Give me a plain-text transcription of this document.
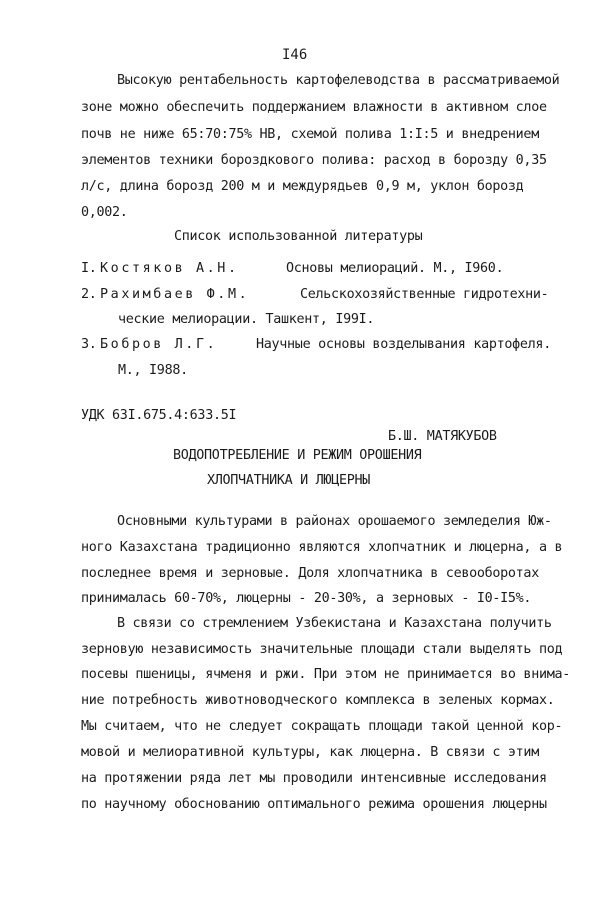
I46
Высокую рентабельность картофелеводства в рассматриваемой
зоне можно обеспечить поддержанием влажности в активном слое
почв не ниже 65:70:75% НВ, схемой полива 1:I:5 и внедрением
элементов техники бороздкового полива: расход в борозду 0,35
л/с, длина борозд 200 м и междурядьев 0,9 м, уклон борозд
0,002.
Список использованной литературы
I. Костяков А.Н.	Основы мелиораций. М., I960.
2. Рахимбаев Ф.М.	Сельскохозяйственные гидротехни-
ческие мелиорации. Ташкент, I99I.
3. Бобров Л.Г.	Научные основы возделывания картофеля.
М., I988.
УДК 63I.675.4:633.5I
Б.Ш. МАТЯКУБОВ
ВОДОПОТРЕБЛЕНИЕ И РЕЖИМ ОРОШЕНИЯ
ХЛОПЧАТНИКА И ЛЮЦЕРНЫ
Основными культурами в районах орошаемого земледелия Юж-
ного Казахстана традиционно являются хлопчатник и люцерна, а в
последнее время и зерновые. Доля хлопчатника в севооборотах
принималась 60-70%, люцерны - 20-30%, а зерновых - I0-I5%.
В связи со стремлением Узбекистана и Казахстана получить
зерновую независимость значительные площади стали выделять под
посевы пшеницы, ячменя и ржи. При этом не принимается во внима-
ние потребность животноводческого комплекса в зеленых кормах.
Мы считаем, что не следует сокращать площади такой ценной кор-
мовой и мелиоративной культуры, как люцерна. В связи с этим
на протяжении ряда лет мы проводили интенсивные исследования
по научному обоснованию оптимального режима орошения люцерны
